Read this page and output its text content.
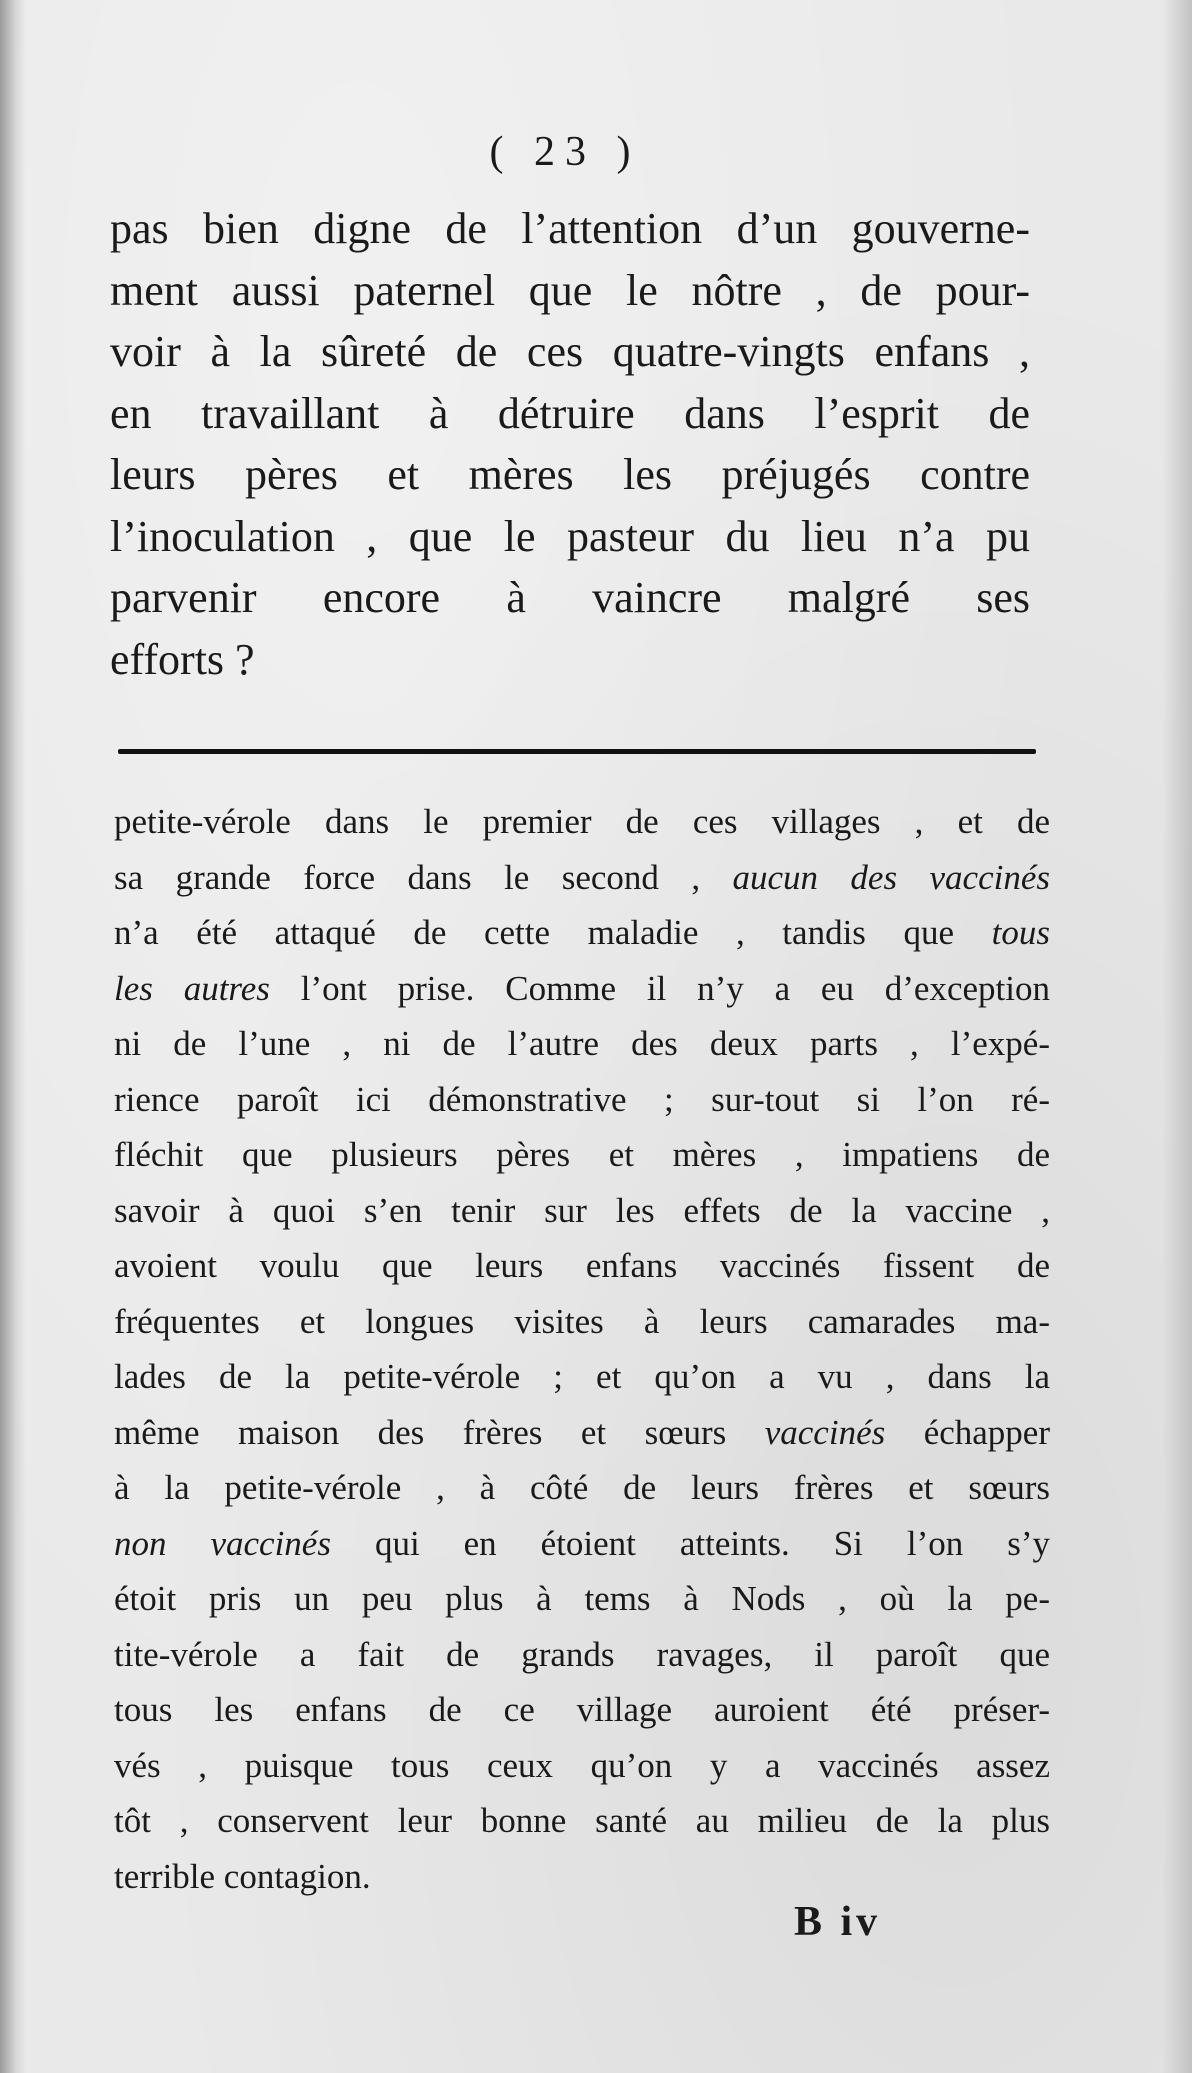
( 23 )

pas bien digne de l’attention d’un gouverne-
ment aussi paternel que le nôtre , de pour-
voir à la sûreté de ces quatre-vingts enfans ,
en travaillant à détruire dans l’esprit de
leurs pères et mères les préjugés contre
l’inoculation , que le pasteur du lieu n’a pu
parvenir encore à vaincre malgré ses
efforts ?

petite-vérole dans le premier de ces villages , et de
sa grande force dans le second , aucun des vaccinés
n’a été attaqué de cette maladie , tandis que tous
les autres l’ont prise. Comme il n’y a eu d’exception
ni de l’une , ni de l’autre des deux parts , l’expé-
rience paroît ici démonstrative ; sur-tout si l’on ré-
fléchit que plusieurs pères et mères , impatiens de
savoir à quoi s’en tenir sur les effets de la vaccine ,
avoient voulu que leurs enfans vaccinés fissent de
fréquentes et longues visites à leurs camarades ma-
lades de la petite-vérole ; et qu’on a vu , dans la
même maison des frères et sœurs vaccinés échapper
à la petite-vérole , à côté de leurs frères et sœurs
non vaccinés qui en étoient atteints. Si l’on s’y
étoit pris un peu plus à tems à Nods , où la pe-
tite-vérole a fait de grands ravages, il paroît que
tous les enfans de ce village auroient été préser-
vés , puisque tous ceux qu’on y a vaccinés assez
tôt , conservent leur bonne santé au milieu de la plus
terrible contagion.

B iv
